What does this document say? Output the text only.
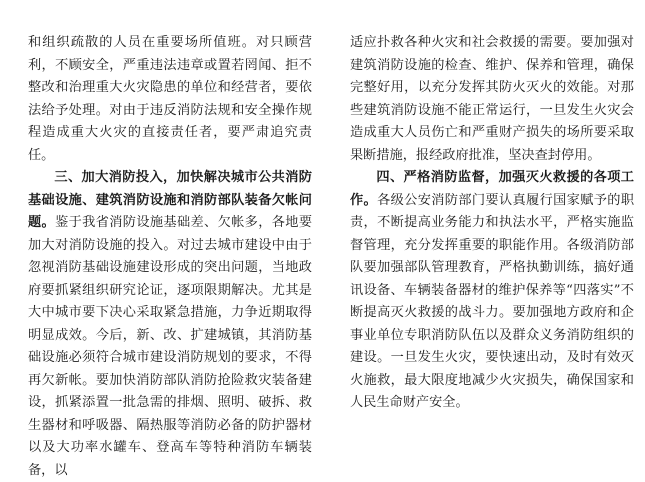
和组织疏散的人员在重要场所值班。对只顾营利，不顾安全，严重违法违章或置若罔闻、拒不整改和治理重大火灾隐患的单位和经营者，要依法给予处理。对由于违反消防法规和安全操作规程造成重大火灾的直接责任者，要严肃追究责任。

三、加大消防投入，加快解决城市公共消防基础设施、建筑消防设施和消防部队装备欠帐问题。鉴于我省消防设施基础差、欠帐多，各地要加大对消防设施的投入。对过去城市建设中由于忽视消防基础设施建设形成的突出问题，当地政府要抓紧组织研究论证，逐项限期解决。尤其是大中城市要下决心采取紧急措施，力争近期取得明显成效。今后，新、改、扩建城镇，其消防基础设施必须符合城市建设消防规划的要求，不得再欠新帐。要加快消防部队消防抢险救灾装备建设，抓紧添置一批急需的排烟、照明、破拆、救生器材和呼吸器、隔热服等消防必备的防护器材以及大功率水罐车、登高车等特种消防车辆装备，以

适应扑救各种火灾和社会救援的需要。要加强对建筑消防设施的检查、维护、保养和管理，确保完整好用，以充分发挥其防火灭火的效能。对那些建筑消防设施不能正常运行，一旦发生火灾会造成重大人员伤亡和严重财产损失的场所要采取果断措施，报经政府批准，坚决查封停用。

四、严格消防监督，加强灭火救援的各项工作。各级公安消防部门要认真履行国家赋予的职责，不断提高业务能力和执法水平，严格实施监督管理，充分发挥重要的职能作用。各级消防部队要加强部队管理教育，严格执勤训练，搞好通讯设备、车辆装备器材的维护保养等“四落实”不断提高灭火救援的战斗力。要加强地方政府和企事业单位专职消防队伍以及群众义务消防组织的建设。一旦发生火灾，要快速出动，及时有效灭火施救，最大限度地减少火灾损失，确保国家和人民生命财产安全。
